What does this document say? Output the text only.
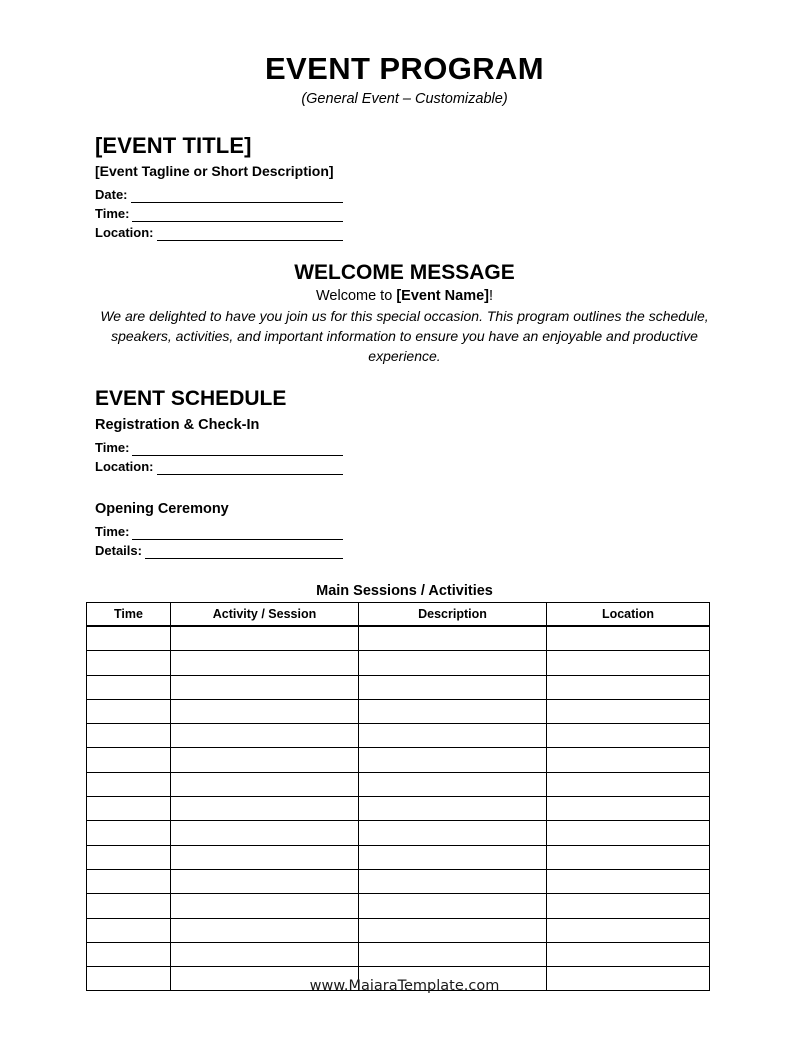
EVENT PROGRAM
(General Event – Customizable)
[EVENT TITLE]
[Event Tagline or Short Description]
Date:
Time:
Location:
WELCOME MESSAGE
Welcome to [Event Name]!
We are delighted to have you join us for this special occasion. This program outlines the schedule, speakers, activities, and important information to ensure you have an enjoyable and productive experience.
EVENT SCHEDULE
Registration & Check-In
Time:
Location:
Opening Ceremony
Time:
Details:
Main Sessions / Activities
Time	Activity / Session	Description	Location

www.MaiaraTemplate.com
